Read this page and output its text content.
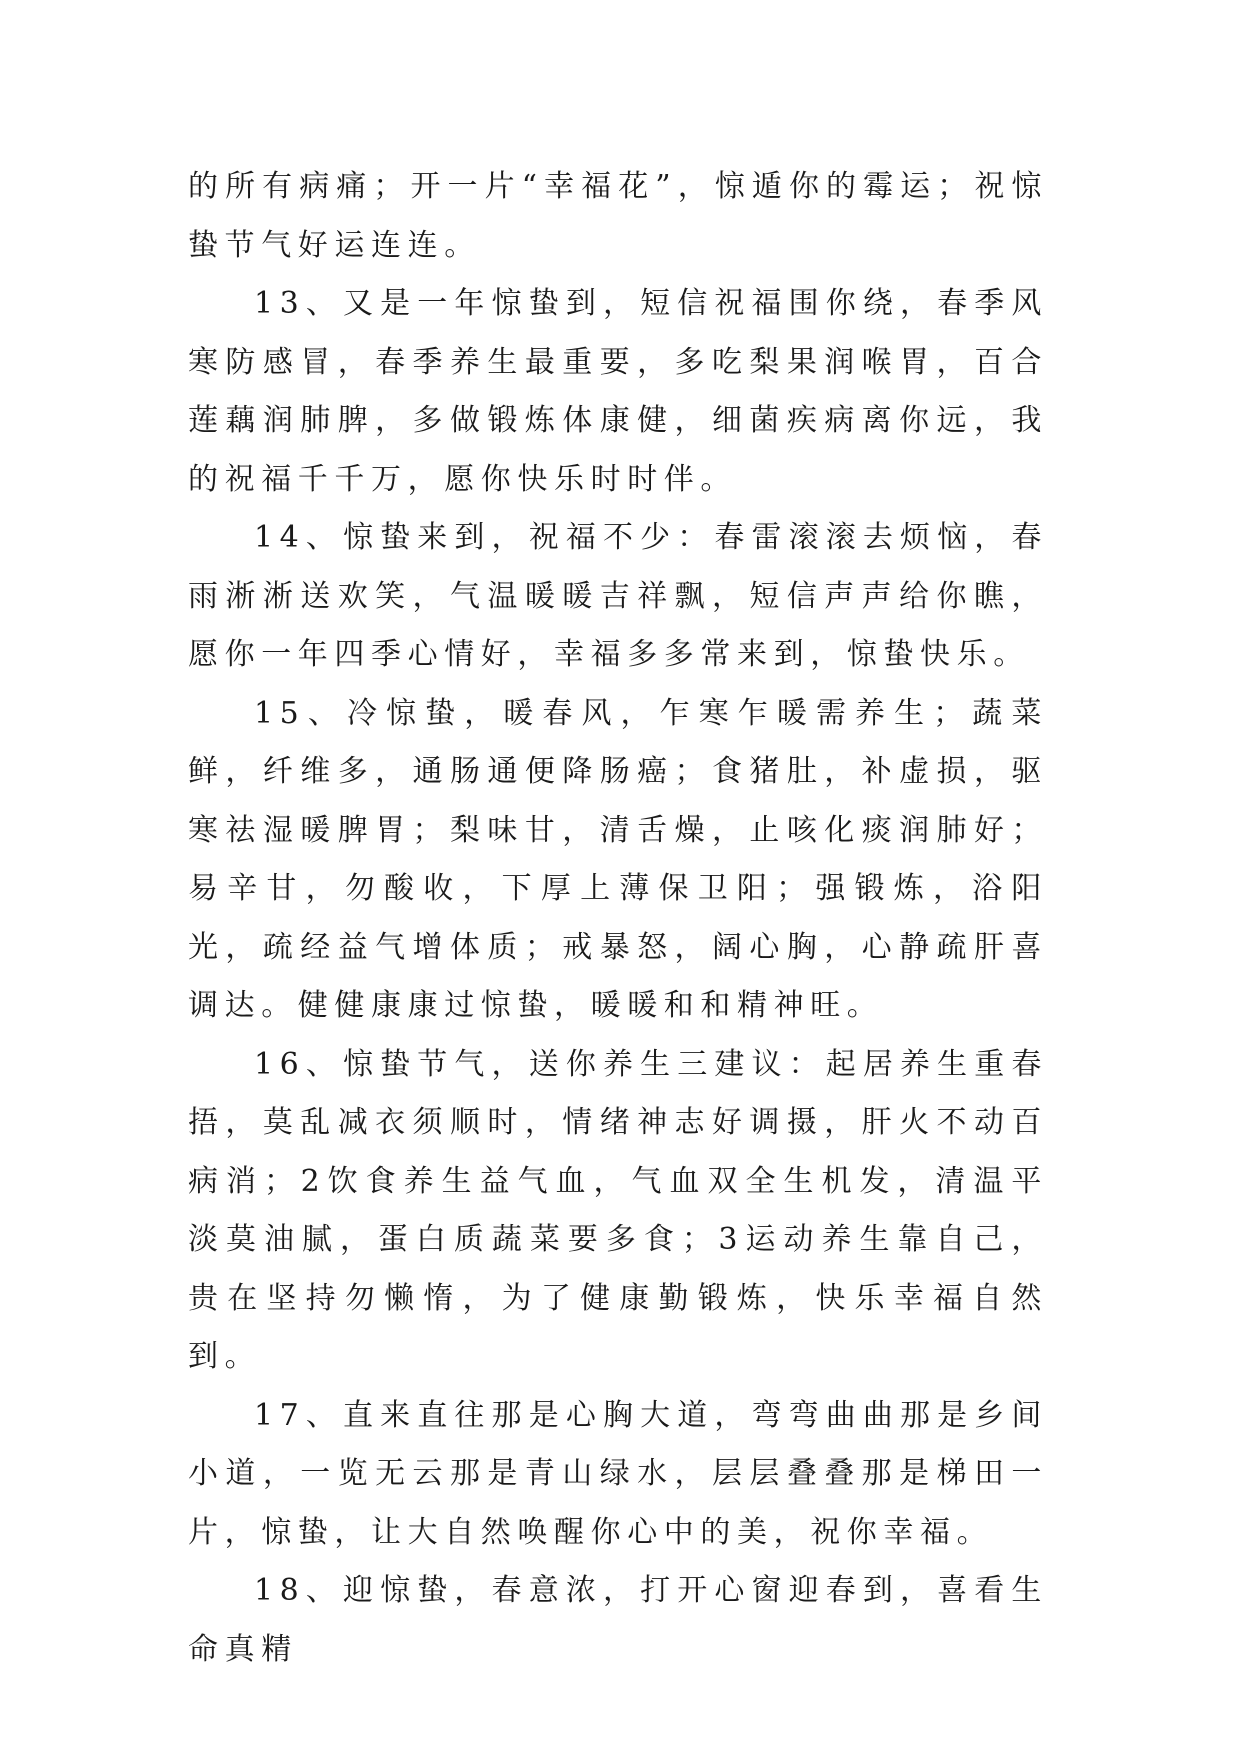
的所有病痛；开一片“幸福花”，惊遁你的霉运；祝惊蛰节气好运连连。

13、又是一年惊蛰到，短信祝福围你绕，春季风寒防感冒，春季养生最重要，多吃梨果润喉胃，百合莲藕润肺脾，多做锻炼体康健，细菌疾病离你远，我的祝福千千万，愿你快乐时时伴。

14、惊蛰来到，祝福不少：春雷滚滚去烦恼，春雨淅淅送欢笑，气温暖暖吉祥飘，短信声声给你瞧，愿你一年四季心情好，幸福多多常来到，惊蛰快乐。

15、冷惊蛰，暖春风，乍寒乍暖需养生；蔬菜鲜，纤维多，通肠通便降肠癌；食猪肚，补虚损，驱寒祛湿暖脾胃；梨味甘，清舌燥，止咳化痰润肺好；易辛甘，勿酸收，下厚上薄保卫阳；强锻炼，浴阳光，疏经益气增体质；戒暴怒，阔心胸，心静疏肝喜调达。健健康康过惊蛰，暖暖和和精神旺。

16、惊蛰节气，送你养生三建议：起居养生重春捂，莫乱减衣须顺时，情绪神志好调摄，肝火不动百病消；2饮食养生益气血，气血双全生机发，清温平淡莫油腻，蛋白质蔬菜要多食；3运动养生靠自己，贵在坚持勿懒惰，为了健康勤锻炼，快乐幸福自然到。

17、直来直往那是心胸大道，弯弯曲曲那是乡间小道，一览无云那是青山绿水，层层叠叠那是梯田一片，惊蛰，让大自然唤醒你心中的美，祝你幸福。

18、迎惊蛰，春意浓，打开心窗迎春到，喜看生命真精
